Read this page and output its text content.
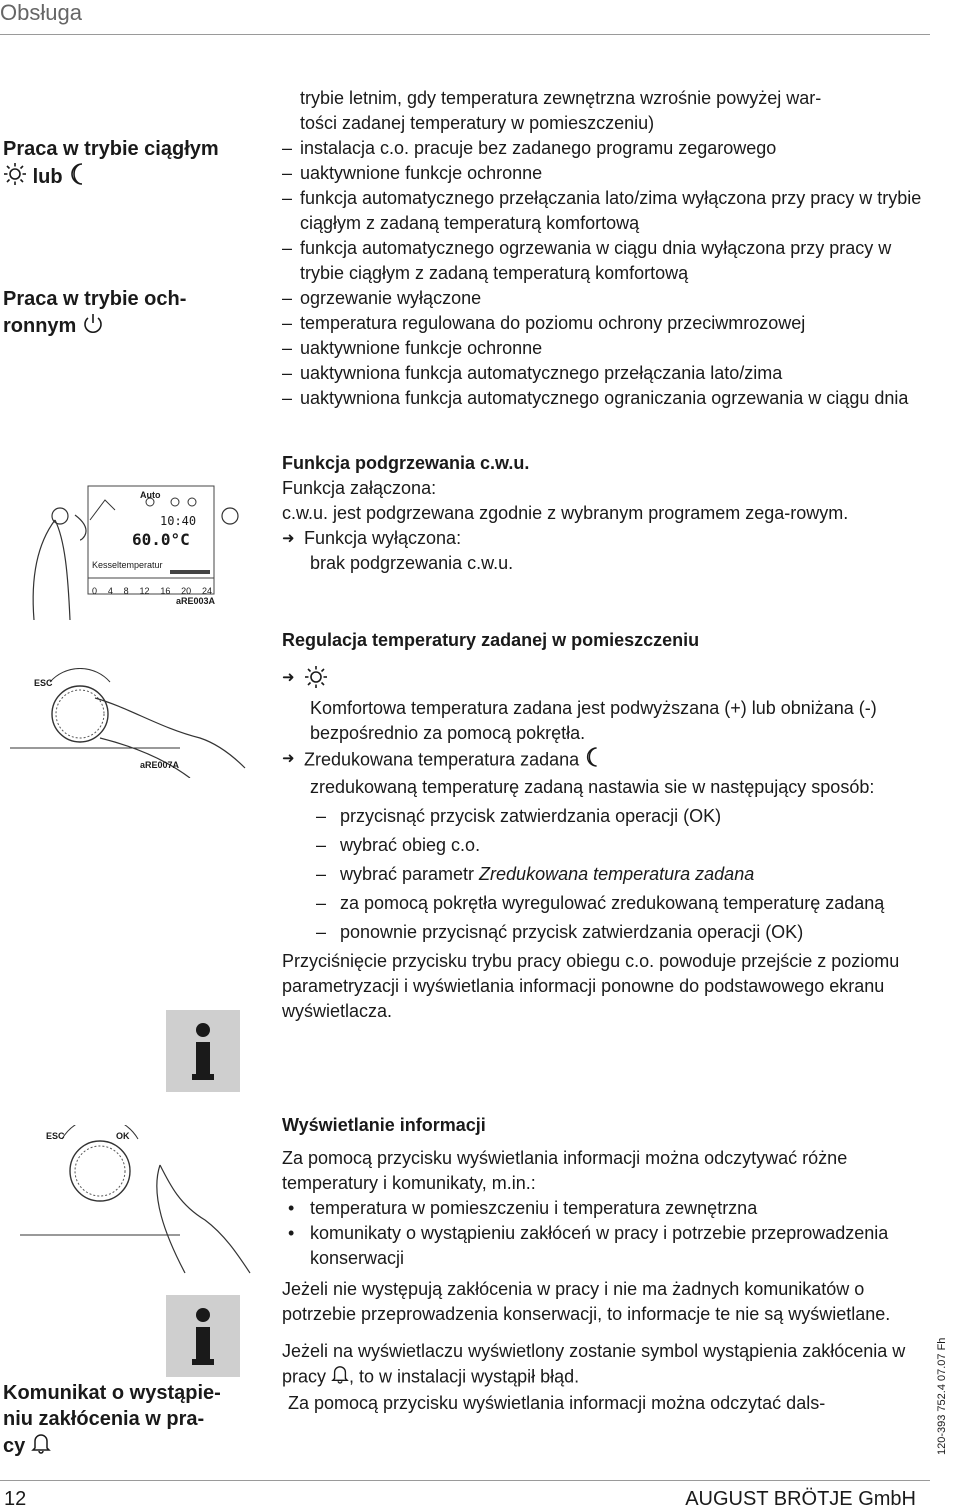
Obsługa
Praca w trybie ciągłym
lub
Praca w trybie och-
ronnym
Komunikat o wystąpie-
niu zakłócenia w pra-
cy
trybie letnim, gdy temperatura zewnętrzna wzrośnie powyżej war-
tości zadanej temperatury w pomieszczeniu)
– instalacja c.o. pracuje bez zadanego programu zegarowego
– uaktywnione funkcje ochronne
– funkcja automatycznego przełączania lato/zima wyłączona przy pracy w trybie ciągłym z zadaną temperaturą komfortową
– funkcja automatycznego ogrzewania w ciągu dnia wyłączona przy pracy w trybie ciągłym z zadaną temperaturą komfortową
– ogrzewanie wyłączone
– temperatura regulowana do poziomu ochrony przeciwmrozowej
– uaktywnione funkcje ochronne
– uaktywniona funkcja automatycznego przełączania lato/zima
– uaktywniona funkcja automatycznego ograniczania ogrzewania w ciągu dnia
Funkcja podgrzewania c.w.u.
Funkcja załączona:
c.w.u. jest podgrzewana zgodnie z wybranym programem zega-rowym.
➜ Funkcja wyłączona:
brak podgrzewania c.w.u.
Regulacja temperatury zadanej w pomieszczeniu
➜
Komfortowa temperatura zadana jest podwyższana (+) lub obniżana (-) bezpośrednio za pomocą pokrętła.
➜ Zredukowana temperatura zadana
zredukowaną temperaturę zadaną nastawia sie w następujący sposób:
– przycisnąć przycisk zatwierdzania operacji (OK)
– wybrać obieg c.o.
– wybrać parametr Zredukowana temperatura zadana
– za pomocą pokrętła wyregulować zredukowaną temperaturę zadaną
– ponownie przycisnąć przycisk zatwierdzania operacji (OK)
Przyciśnięcie przycisku trybu pracy obiegu c.o. powoduje przejście z poziomu parametryzacji i wyświetlania informacji ponowne do podstawowego ekranu wyświetlacza.
Wyświetlanie informacji
Za pomocą przycisku wyświetlania informacji można odczytywać różne temperatury i komunikaty, m.in.:
• temperatura w pomieszczeniu i temperatura zewnętrzna
• komunikaty o wystąpieniu zakłóceń w pracy i potrzebie przeprowadzenia konserwacji
Jeżeli nie występują zakłócenia w pracy i nie ma żadnych komunikatów o potrzebie przeprowadzenia konserwacji, to informacje te nie są wyświetlane.
Jeżeli na wyświetlaczu wyświetlony zostanie symbol wystąpienia zakłócenia w pracy , to w instalacji wystąpił błąd.
Za pomocą przycisku wyświetlania informacji można odczytać dals-
Auto
10:40
60.0°C
Kesseltemperatur
0 4 8 12 16 20 24
aRE003A
ESC
aRE007A
ESC	OK
12	AUGUST BRÖTJE GmbH
120-393 752.4 07.07 Fh
